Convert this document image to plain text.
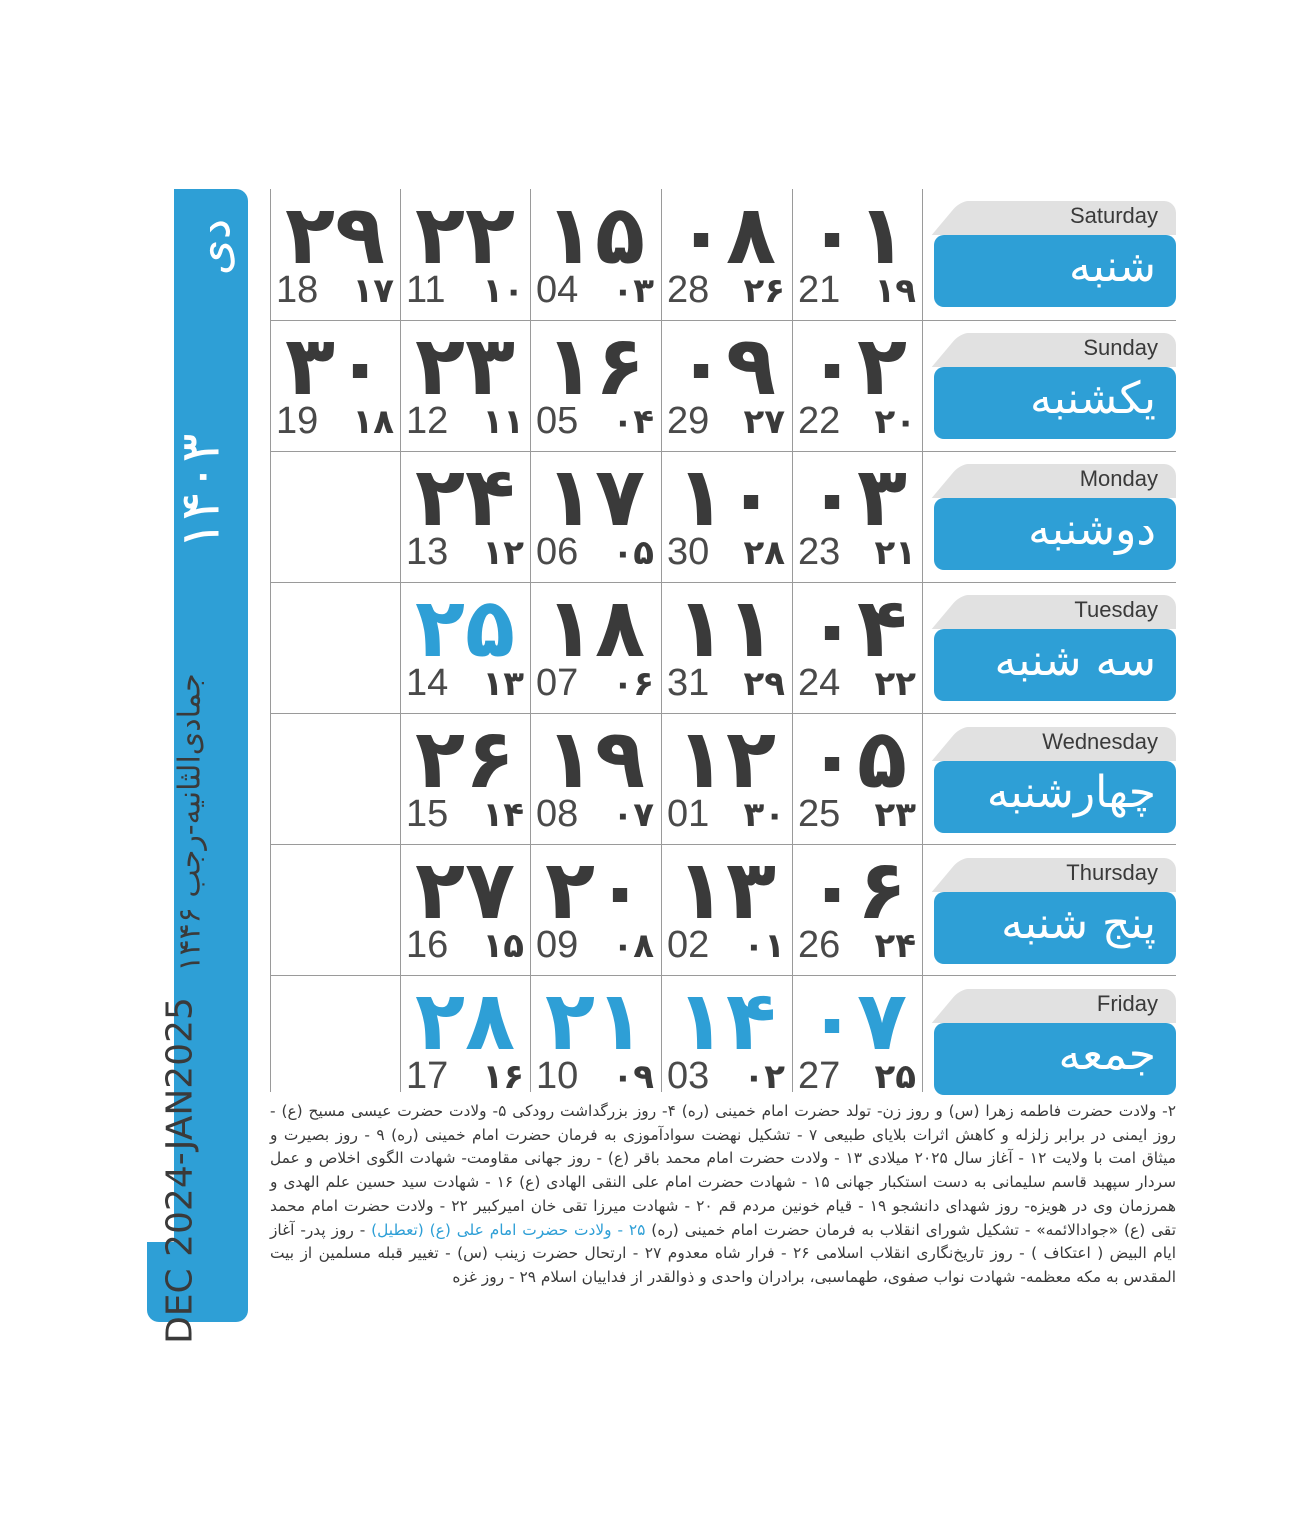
دی
۱۴۰۳
جمادی‌الثانیه-رجب ۱۴۴۶
DEC 2024-JAN2025
۰۱
21 ۱۹
۰۲
22 ۲۰
۰۳
23 ۲۱
۰۴
24 ۲۲
۰۵
25 ۲۳
۰۶
26 ۲۴
۰۷
27 ۲۵
۰۸
28 ۲۶
۰۹
29 ۲۷
۱۰
30 ۲۸
۱۱
31 ۲۹
۱۲
01 ۳۰
۱۳
02 ۰۱
۱۴
03 ۰۲
۱۵
04 ۰۳
۱۶
05 ۰۴
۱۷
06 ۰۵
۱۸
07 ۰۶
۱۹
08 ۰۷
۲۰
09 ۰۸
۲۱
10 ۰۹
۲۲
11 ۱۰
۲۳
12 ۱۱
۲۴
13 ۱۲
۲۵
14 ۱۳
۲۶
15 ۱۴
۲۷
16 ۱۵
۲۸
17 ۱۶
۲۹
18 ۱۷
۳۰
19 ۱۸
Saturday
شنبه
Sunday
یکشنبه
Monday
دوشنبه
Tuesday
سه شنبه
Wednesday
چهارشنبه
Thursday
پنج شنبه
Friday
جمعه
۲- ولادت حضرت فاطمه زهرا (س) و روز زن- تولد حضرت امام خمینی (ره) ۴- روز بزرگداشت رودکی ۵- ولادت حضرت عیسی مسیح (ع) - روز ایمنی در برابر زلزله و کاهش اثرات بلایای طبیعی ۷ - تشکیل نهضت سوادآموزی به فرمان حضرت امام خمینی (ره) ۹ - روز بصیرت و میثاق امت با ولایت ۱۲ - آغاز سال ۲۰۲۵ میلادی ۱۳ - ولادت حضرت امام محمد باقر (ع) - روز جهانی مقاومت- شهادت الگوی اخلاص و عمل سردار سپهبد قاسم سلیمانی به دست استکبار جهانی ۱۵ - شهادت حضرت امام علی النقی الهادی (ع) ۱۶ - شهادت سید حسین علم الهدی و همرزمان وی در هویزه- روز شهدای دانشجو ۱۹ - قیام خونین مردم قم ۲۰ - شهادت میرزا تقی خان امیرکبیر ۲۲ - ولادت حضرت امام محمد تقی (ع) «جوادالائمه» - تشکیل شورای انقلاب به فرمان حضرت امام خمینی (ره) ۲۵ - ولادت حضرت امام علی (ع) (تعطیل) - روز پدر- آغاز ایام البیض ( اعتکاف ) - روز تاریخ‌نگاری انقلاب اسلامی ۲۶ - فرار شاه معدوم ۲۷ - ارتحال حضرت زینب (س) - تغییر قبله مسلمین از بیت المقدس به مکه معظمه- شهادت نواب صفوی، طهماسبی، برادران واحدی و ذوالقدر از فداییان اسلام ۲۹ - روز غزه
